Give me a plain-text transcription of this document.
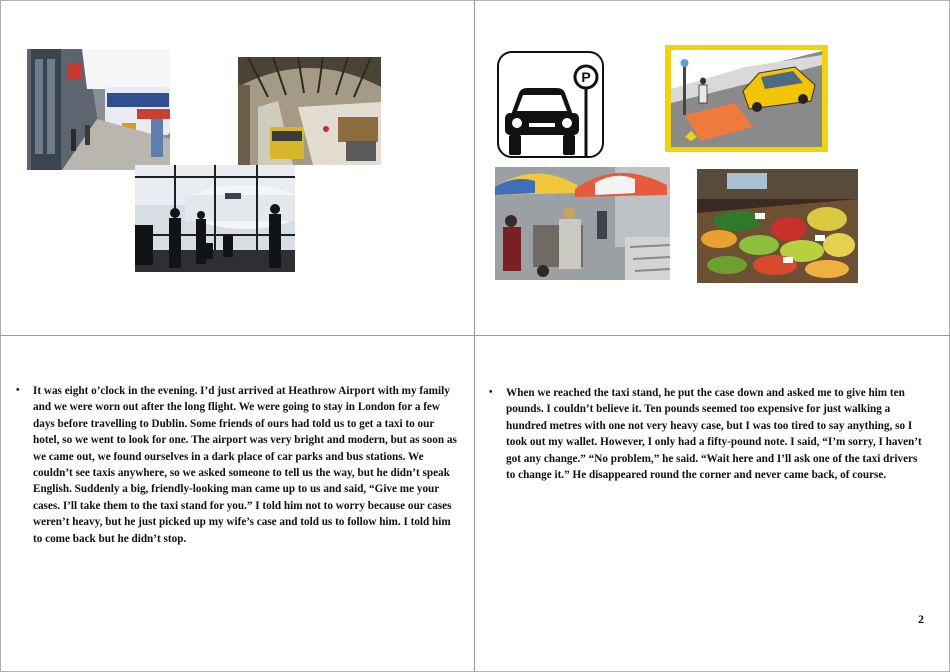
P
• It was eight o’clock in the evening. I’d just arrived at Heathrow Airport with my family and we were worn out after the long flight. We were going to stay in London for a few days before travelling to Dublin. Some friends of ours had told us to get a taxi to our hotel, so we went to look for one. The airport was very bright and modern, but as soon as we came out, we found ourselves in a dark place of car parks and bus stations. We couldn’t see taxis anywhere, so we asked someone to tell us the way, but he didn’t speak English. Suddenly a big, friendly-looking man came up to us and said, “Give me your cases. I’ll take them to the taxi stand for you.” I told him not to worry because our cases weren’t heavy, but he just picked up my wife’s case and told us to follow him. I told him to come back but he didn’t stop.
• When we reached the taxi stand, he put the case down and asked me to give him ten pounds. I couldn’t believe it. Ten pounds seemed too expensive for just walking a hundred metres with one not very heavy case, but I was too tired to say anything, so I took out my wallet. However, I only had a fifty-pound note. I said, “I’m sorry, I haven’t got any change.” “No problem,” he said. “Wait here and I’ll ask one of the taxi drivers to change it.” He disappeared round the corner and never came back, of course.
2
